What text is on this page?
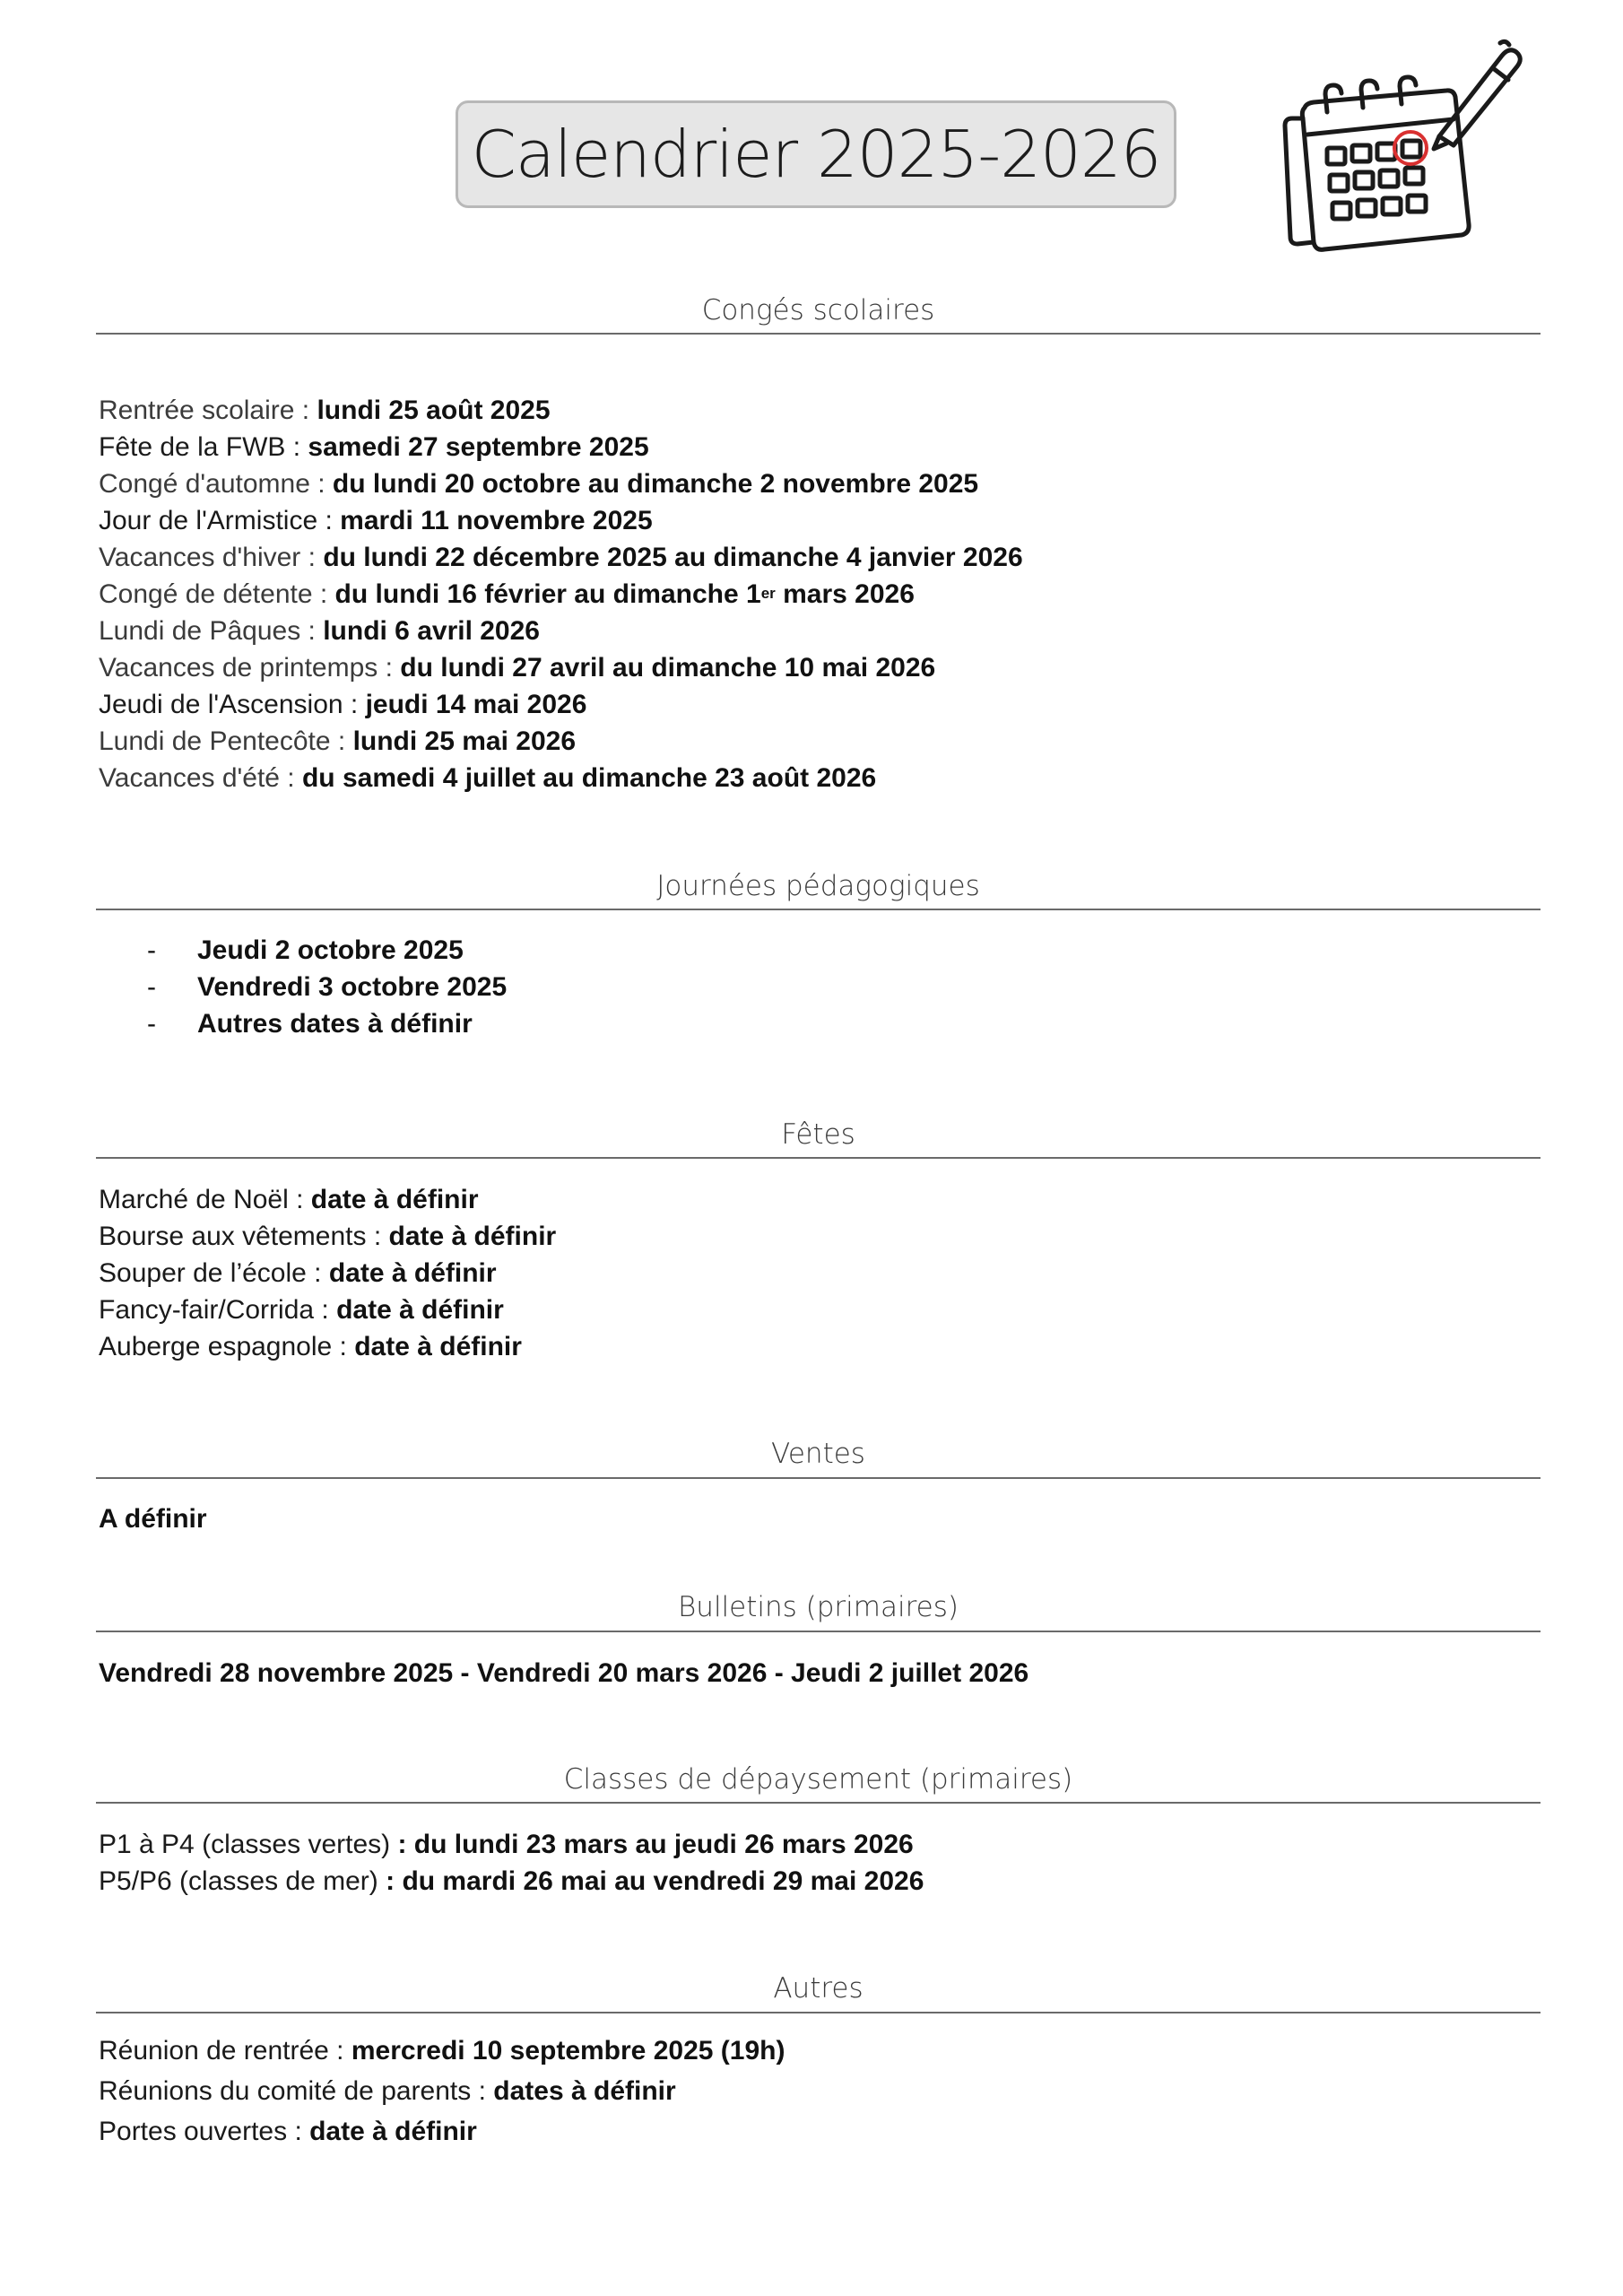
Calendrier 2025-2026
Congés scolaires
Rentrée scolaire : lundi 25 août 2025
Fête de la FWB : samedi 27 septembre 2025
Congé d'automne : du lundi 20 octobre au dimanche 2 novembre 2025
Jour de l'Armistice : mardi 11 novembre 2025
Vacances d'hiver : du lundi 22 décembre 2025 au dimanche 4 janvier 2026
Congé de détente : du lundi 16 février au dimanche 1er mars 2026
Lundi de Pâques : lundi 6 avril 2026
Vacances de printemps : du lundi 27 avril au dimanche 10 mai 2026
Jeudi de l'Ascension : jeudi 14 mai 2026
Lundi de Pentecôte : lundi 25 mai 2026
Vacances d'été : du samedi 4 juillet au dimanche 23 août 2026
Journées pédagogiques
- Jeudi 2 octobre 2025
- Vendredi 3 octobre 2025
- Autres dates à définir
Fêtes
Marché de Noël : date à définir
Bourse aux vêtements : date à définir
Souper de l’école : date à définir
Fancy-fair/Corrida : date à définir
Auberge espagnole : date à définir
Ventes
A définir
Bulletins (primaires)
Vendredi 28 novembre 2025 - Vendredi 20 mars 2026 - Jeudi 2 juillet 2026
Classes de dépaysement (primaires)
P1 à P4 (classes vertes) : du lundi 23 mars au jeudi 26 mars 2026
P5/P6 (classes de mer) : du mardi 26 mai au vendredi 29 mai 2026
Autres
Réunion de rentrée : mercredi 10 septembre 2025 (19h)
Réunions du comité de parents : dates à définir
Portes ouvertes : date à définir
